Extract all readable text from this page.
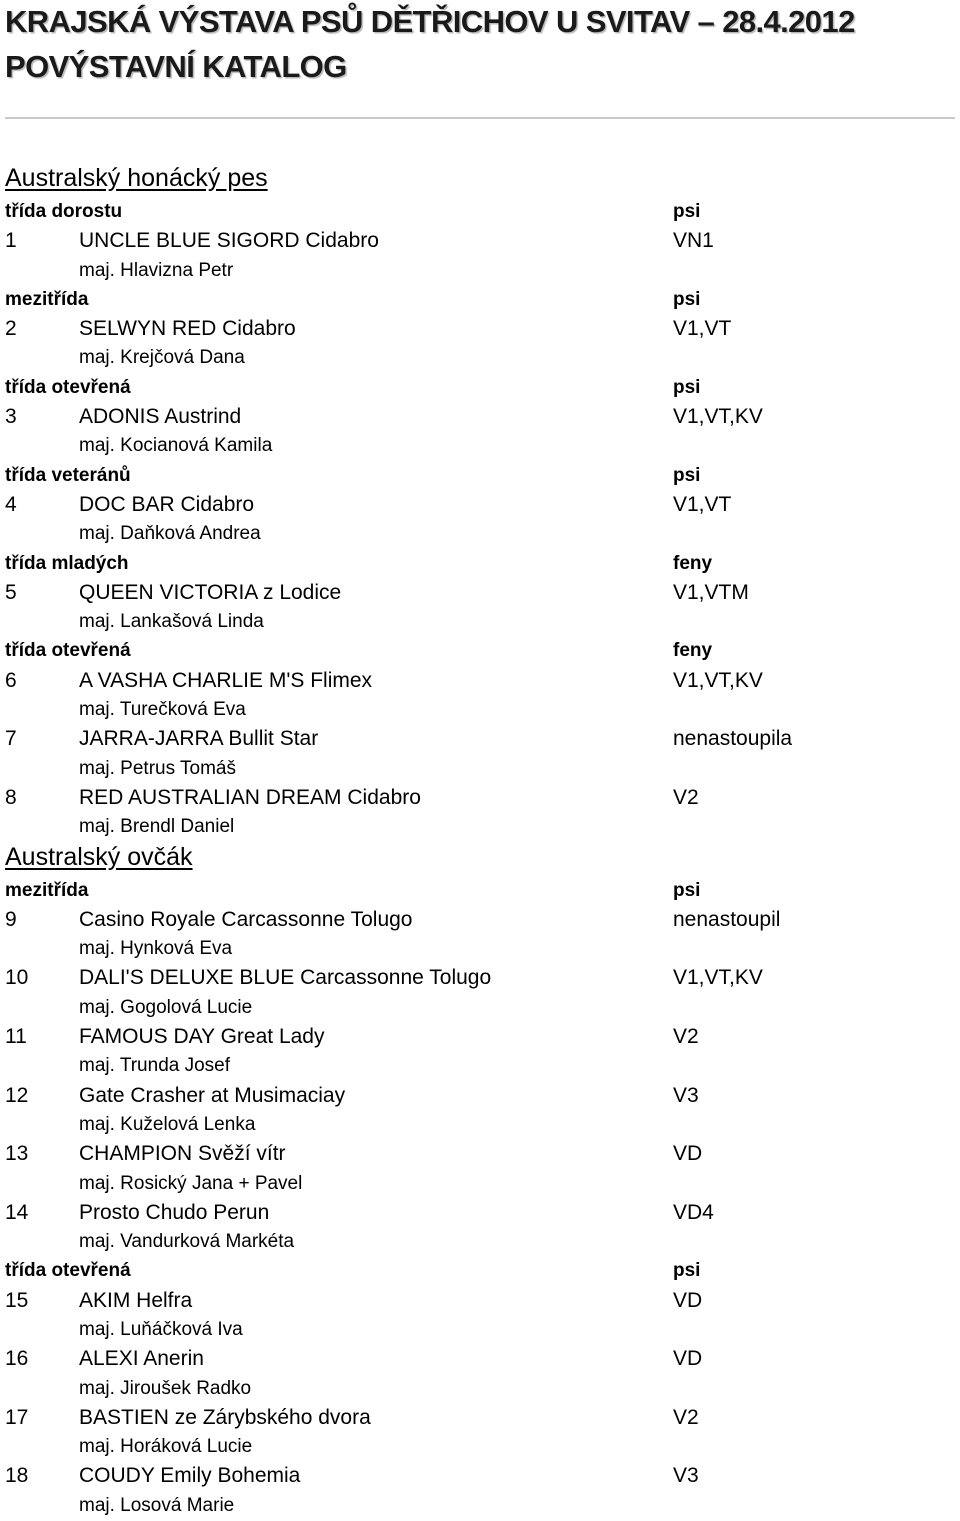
KRAJSKÁ VÝSTAVA PSŮ DĚTŘICHOV U SVITAV – 28.4.2012
POVÝSTAVNÍ KATALOG
Australský honácký pes
třída dorostu	psi
1	UNCLE BLUE SIGORD Cidabro	VN1
maj. Hlavizna Petr
mezitřída	psi
2	SELWYN RED Cidabro	V1,VT
maj. Krejčová Dana
třída otevřená	psi
3	ADONIS Austrind	V1,VT,KV
maj. Kocianová Kamila
třída veteránů	psi
4	DOC BAR Cidabro	V1,VT
maj. Daňková Andrea
třída mladých	feny
5	QUEEN VICTORIA z Lodice	V1,VTM
maj. Lankašová Linda
třída otevřená	feny
6	A VASHA CHARLIE M'S Flimex	V1,VT,KV
maj. Turečková Eva
7	JARRA-JARRA Bullit Star	nenastoupila
maj. Petrus Tomáš
8	RED AUSTRALIAN DREAM Cidabro	V2
maj. Brendl Daniel
Australský ovčák
mezitřída	psi
9	Casino Royale Carcassonne Tolugo	nenastoupil
maj. Hynková Eva
10 DALI'S DELUXE BLUE Carcassonne Tolugo	V1,VT,KV
maj. Gogolová Lucie
11 FAMOUS DAY Great Lady	V2
maj. Trunda Josef
12 Gate Crasher at Musimaciay	V3
maj. Kuželová Lenka
13 CHAMPION Svěží vítr	VD
maj. Rosický Jana + Pavel
14 Prosto Chudo Perun	VD4
maj. Vandurková Markéta
třída otevřená	psi
15 AKIM Helfra	VD
maj. Luňáčková Iva
16 ALEXI Anerin	VD
maj. Jiroušek Radko
17 BASTIEN ze Zárybského dvora	V2
maj. Horáková Lucie
18 COUDY Emily Bohemia	V3
maj. Losová Marie
